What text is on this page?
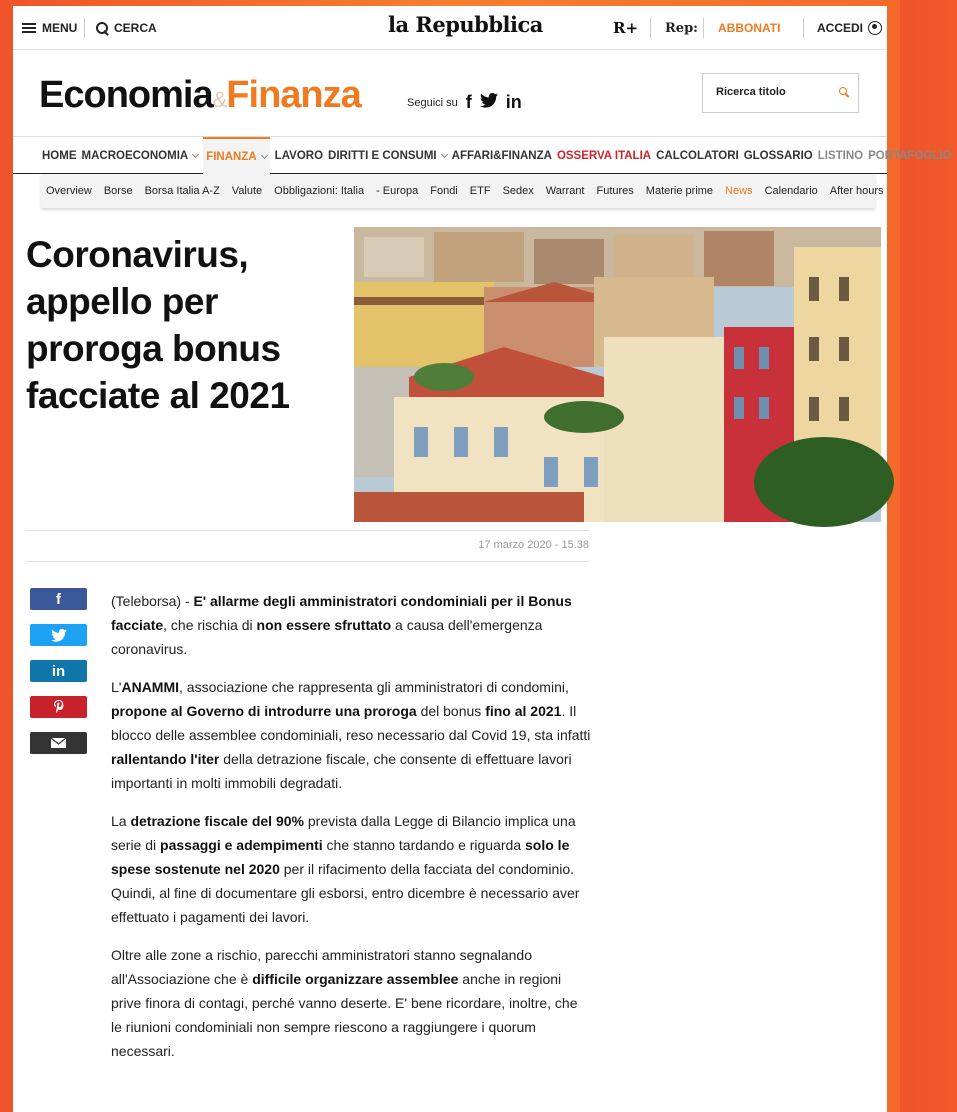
MENU	CERCA	la Repubblica	R+ Rep: ABBONATI	ACCEDI
Economia&Finanza	Seguici su f in
Ricerca titolo
HOME MACROECONOMIA FINANZA LAVORO DIRITTI E CONSUMI AFFARI&FINANZA OSSERVA ITALIA CALCOLATORI GLOSSARIO LISTINO PORTAFOGLIO
Overview Borse Borsa Italia A-Z Valute Obbligazioni: Italia - Europa Fondi ETF Sedex Warrant Futures Materie prime News Calendario After hours
Coronavirus, appello per proroga bonus facciate al 2021
17 marzo 2020 - 15.38
f
in

(Teleborsa) - E' allarme degli amministratori condominiali per il Bonus facciate, che rischia di non essere sfruttato a causa dell'emergenza coronavirus.

L'ANAMMI, associazione che rappresenta gli amministratori di condomini, propone al Governo di introdurre una proroga del bonus fino al 2021. Il blocco delle assemblee condominiali, reso necessario dal Covid 19, sta infatti rallentando l'iter della detrazione fiscale, che consente di effettuare lavori importanti in molti immobili degradati.

La detrazione fiscale del 90% prevista dalla Legge di Bilancio implica una serie di passaggi e adempimenti che stanno tardando e riguarda solo le spese sostenute nel 2020 per il rifacimento della facciata del condominio. Quindi, al fine di documentare gli esborsi, entro dicembre è necessario aver effettuato i pagamenti dei lavori.

Oltre alle zone a rischio, parecchi amministratori stanno segnalando all'Associazione che è difficile organizzare assemblee anche in regioni prive finora di contagi, perché vanno deserte. E' bene ricordare, inoltre, che le riunioni condominiali non sempre riescono a raggiungere i quorum necessari.
